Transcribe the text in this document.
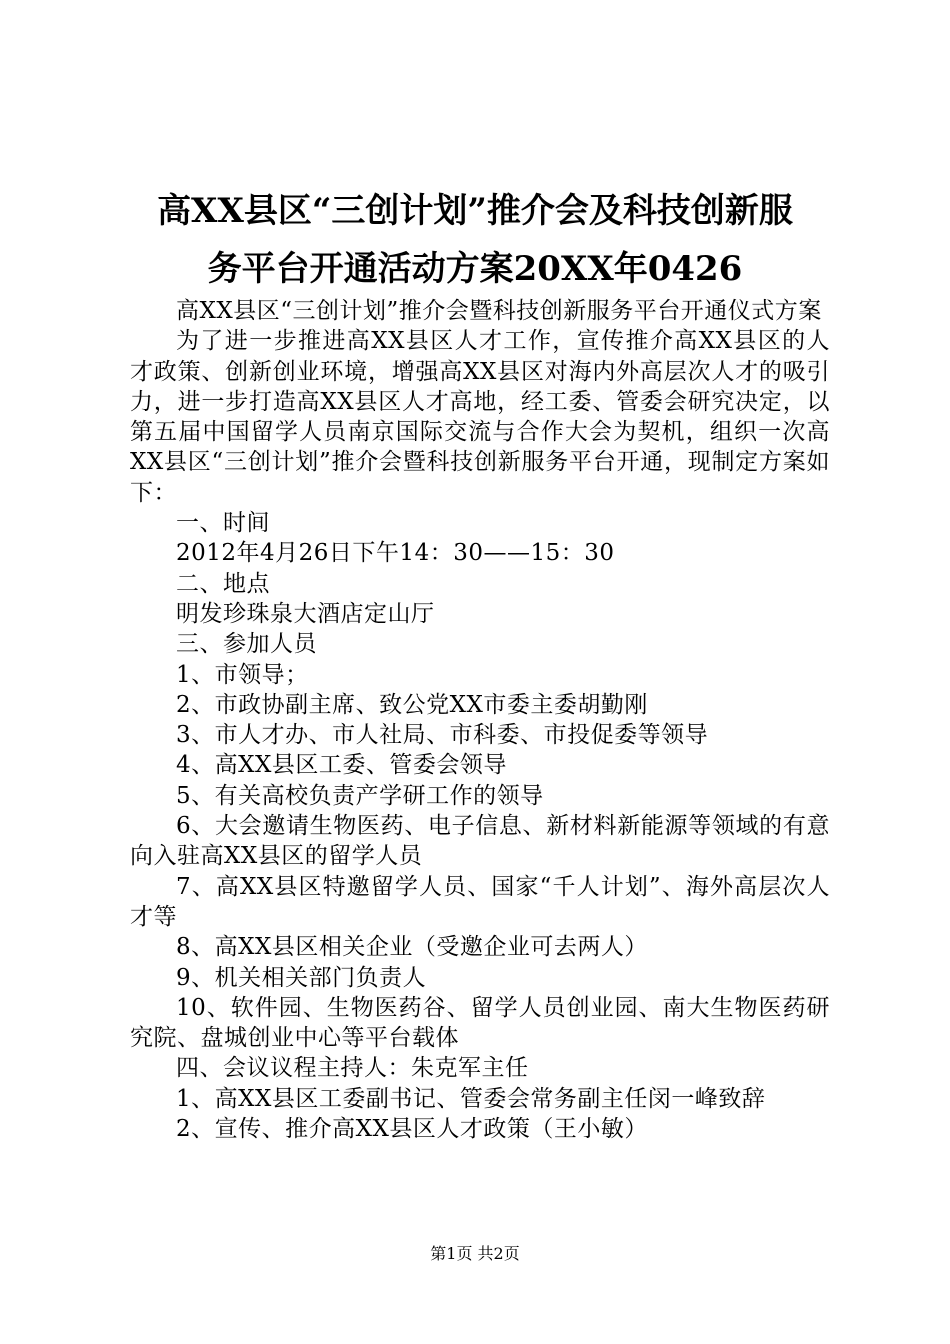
高XX县区“三创计划”推介会及科技创新服
务平台开通活动方案20XX年0426

高XX县区“三创计划”推介会暨科技创新服务平台开通仪式方案

为了进一步推进高XX县区人才工作，宣传推介高XX县区的人才政策、创新创业环境，增强高XX县区对海内外高层次人才的吸引力，进一步打造高XX县区人才高地，经工委、管委会研究决定，以第五届中国留学人员南京国际交流与合作大会为契机，组织一次高XX县区“三创计划”推介会暨科技创新服务平台开通，现制定方案如下：

一、时间

2012年4月26日下午14：30——15：30

二、地点

明发珍珠泉大酒店定山厅

三、参加人员

1、市领导；

2、市政协副主席、致公党XX市委主委胡勤刚

3、市人才办、市人社局、市科委、市投促委等领导

4、高XX县区工委、管委会领导

5、有关高校负责产学研工作的领导

6、大会邀请生物医药、电子信息、新材料新能源等领域的有意向入驻高XX县区的留学人员

7、高XX县区特邀留学人员、国家“千人计划”、海外高层次人才等

8、高XX县区相关企业（受邀企业可去两人）

9、机关相关部门负责人

10、软件园、生物医药谷、留学人员创业园、南大生物医药研究院、盘城创业中心等平台载体

四、会议议程主持人：朱克军主任

1、高XX县区工委副书记、管委会常务副主任闵一峰致辞

2、宣传、推介高XX县区人才政策（王小敏）

第1页 共2页
